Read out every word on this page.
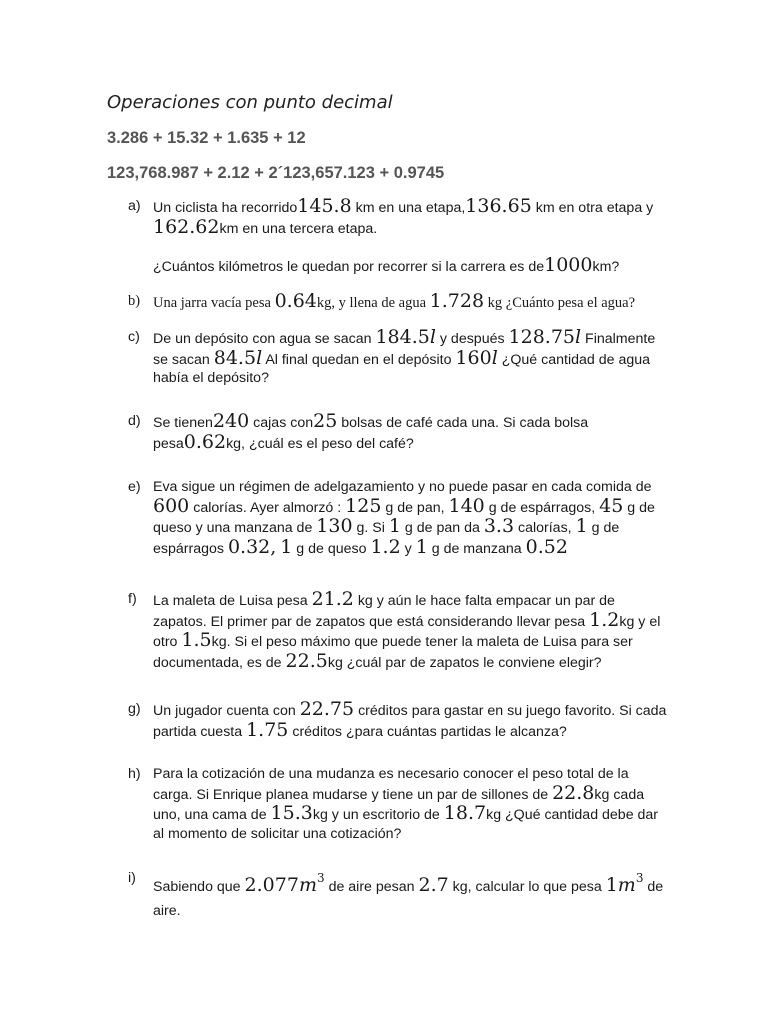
Operaciones con punto decimal
3.286 + 15.32 + 1.635 + 12
123,768.987 + 2.12 + 2´123,657.123 + 0.9745
a) Un ciclista ha recorrido145.8 km en una etapa,136.65 km en otra etapa y 162.62km en una tercera etapa.
¿Cuántos kilómetros le quedan por recorrer si la carrera es de1000km?
b) Una jarra vacía pesa 0.64kg, y llena de agua 1.728 kg ¿Cuánto pesa el agua?
c) De un depósito con agua se sacan 184.5l y después 128.75l Finalmente se sacan 84.5l Al final quedan en el depósito 160l ¿Qué cantidad de agua había el depósito?
d) Se tienen240 cajas con25 bolsas de café cada una. Si cada bolsa pesa0.62kg, ¿cuál es el peso del café?
e) Eva sigue un régimen de adelgazamiento y no puede pasar en cada comida de 600 calorías. Ayer almorzó : 125 g de pan, 140 g de espárragos, 45 g de queso y una manzana de 130 g. Si 1 g de pan da 3.3 calorías, 1 g de espárragos 0.32, 1 g de queso 1.2 y 1 g de manzana 0.52
f)	La maleta de Luisa pesa 21.2 kg y aún le hace falta empacar un par de zapatos. El primer par de zapatos que está considerando llevar pesa 1.2kg y el otro 1.5kg. Si el peso máximo que puede tener la maleta de Luisa para ser documentada, es de 22.5kg ¿cuál par de zapatos le conviene elegir?
g) Un jugador cuenta con 22.75 créditos para gastar en su juego favorito. Si cada partida cuesta 1.75 créditos ¿para cuántas partidas le alcanza?
h) Para la cotización de una mudanza es necesario conocer el peso total de la carga. Si Enrique planea mudarse y tiene un par de sillones de 22.8kg cada uno, una cama de 15.3kg y un escritorio de 18.7kg ¿Qué cantidad debe dar al momento de solicitar una cotización?
i)
Sabiendo que $2.077m^3$ de aire pesan 2.7 kg, calcular lo que pesa $1m^3$ de aire.
